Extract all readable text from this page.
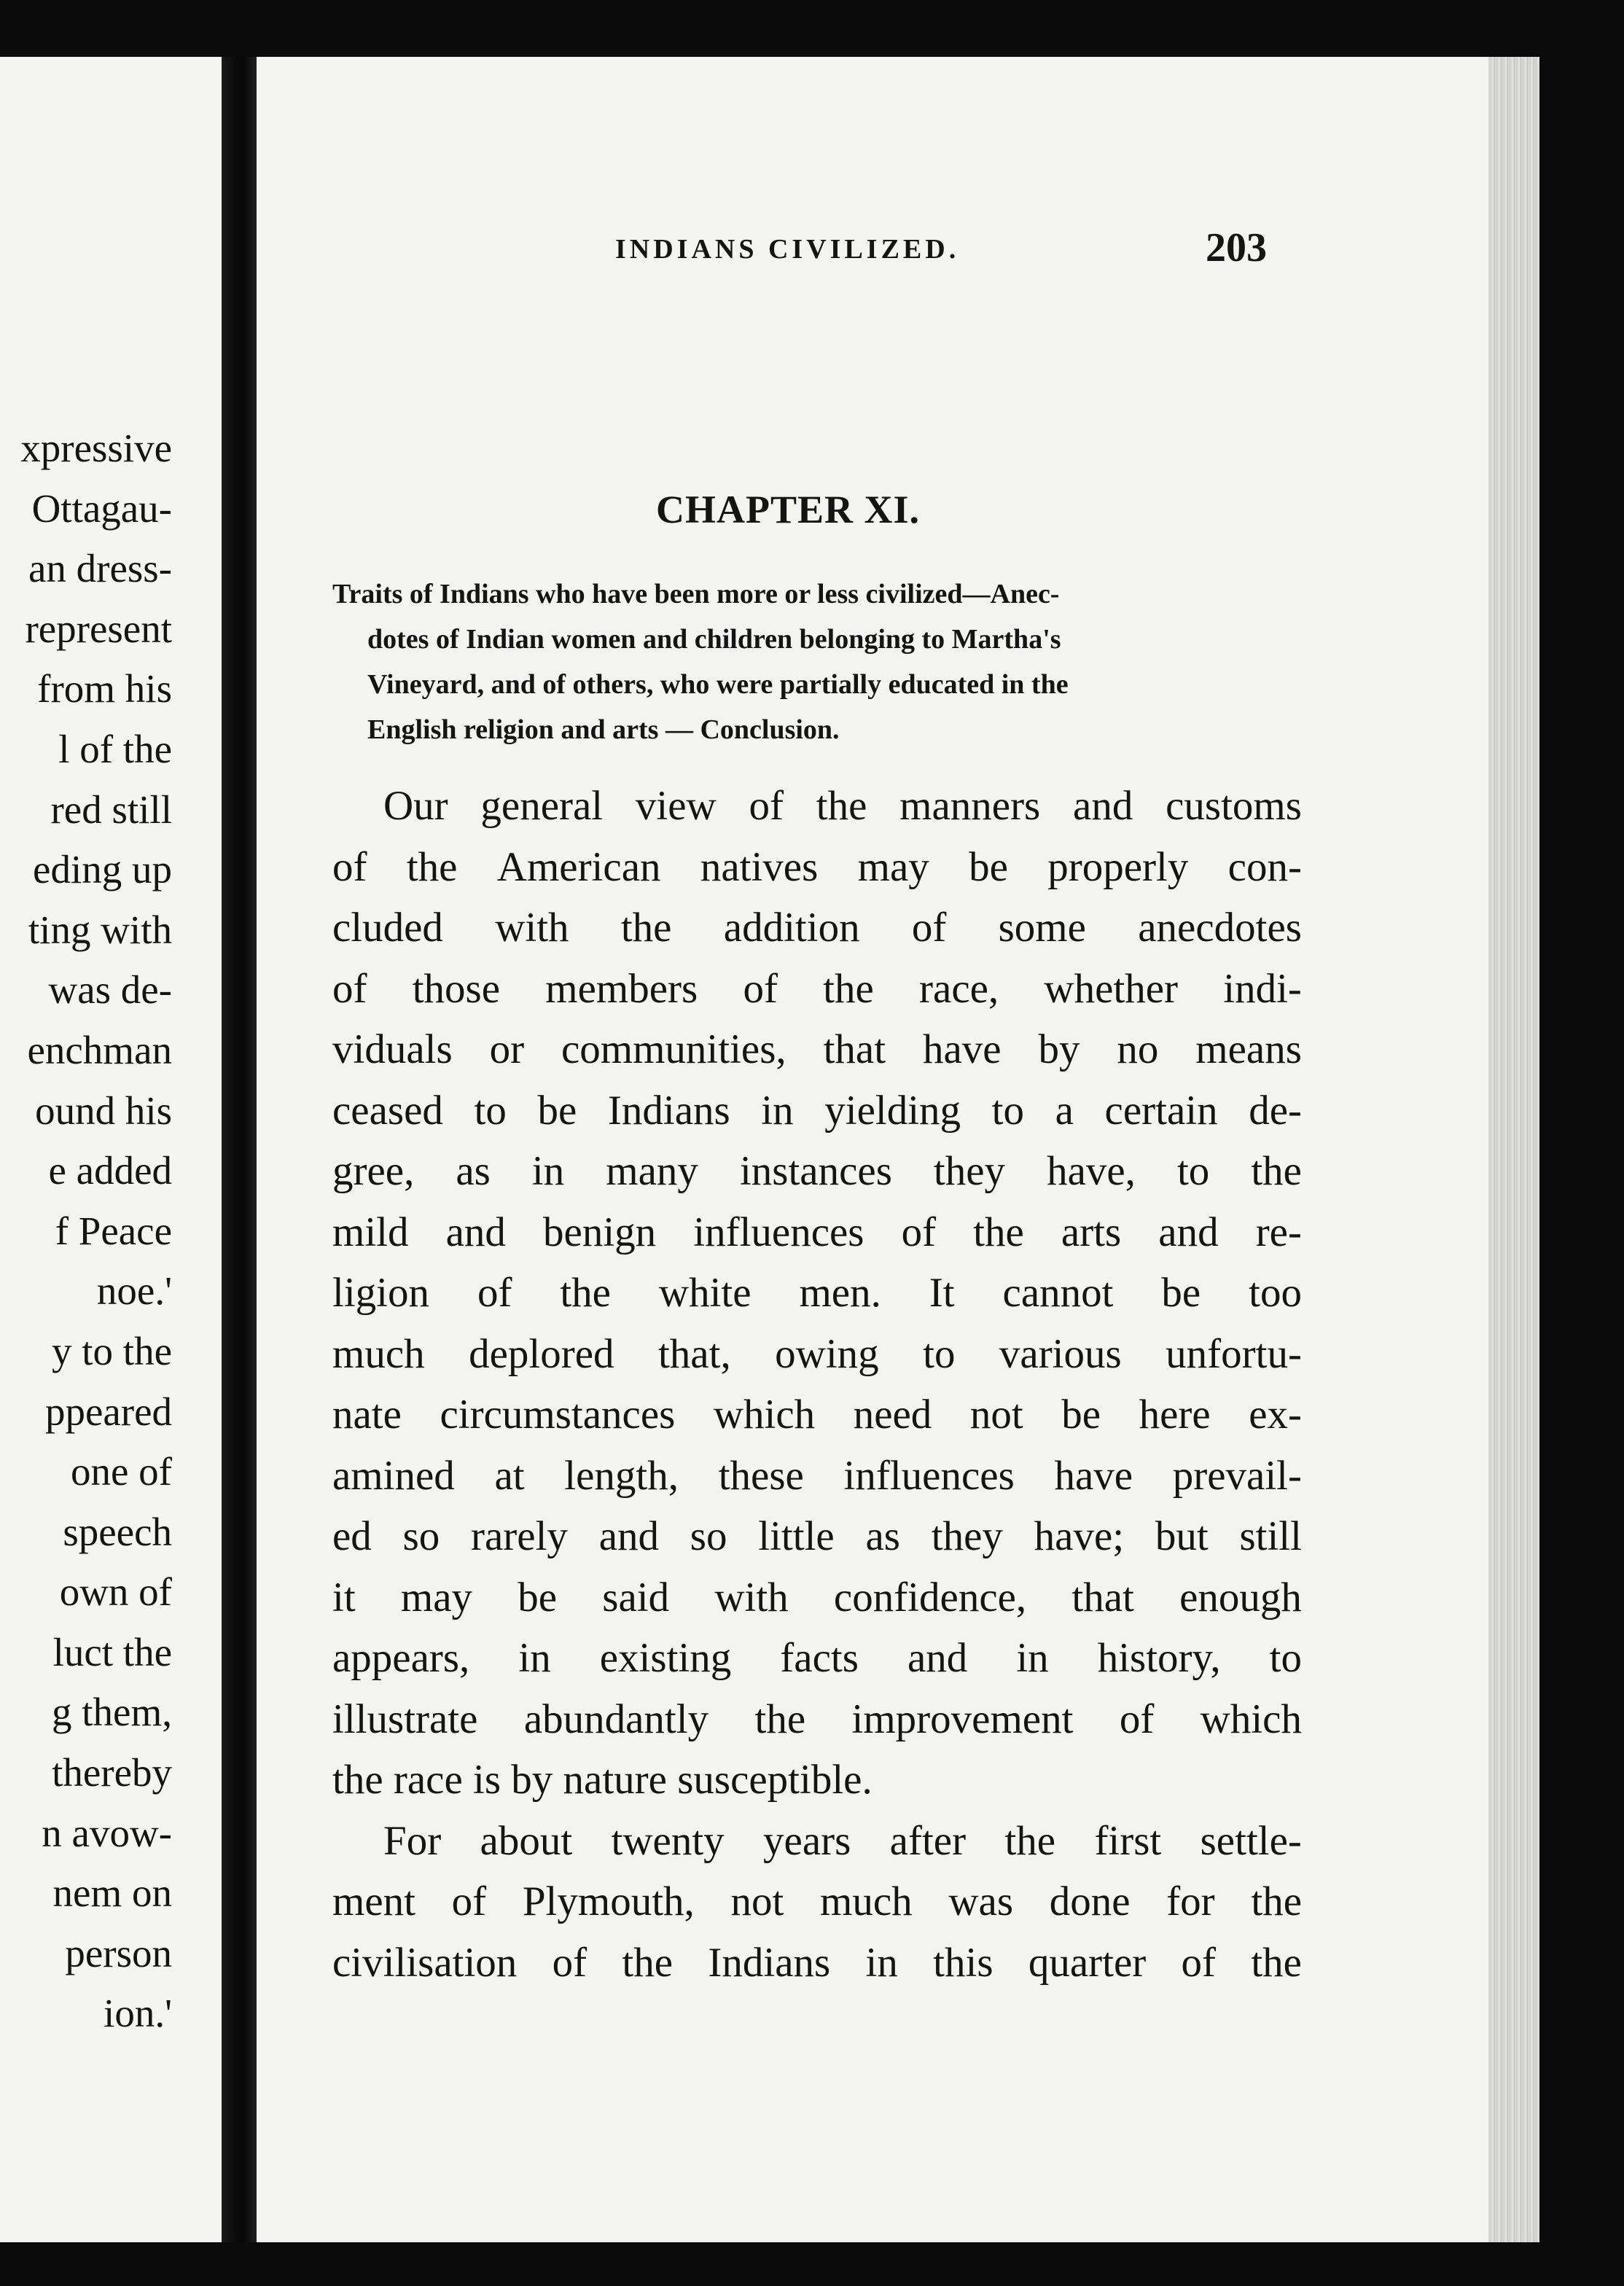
xpressive
Ottagau-
an dress-
represent
from his
l of the
red still
eding up
ting with
was de-
enchman
ound his
e added
f Peace
noe.'
y to the
ppeared
one of
speech
own of
luct the
g them,
thereby
n avow-
nem on
person
ion.'
INDIANS CIVILIZED.	203
CHAPTER XI.
Traits of Indians who have been more or less civilized—Anec-
dotes of Indian women and children belonging to Martha's
Vineyard, and of others, who were partially educated in the
English religion and arts — Conclusion.
Our general view of the manners and customs
of the American natives may be properly con-
cluded with the addition of some anecdotes
of those members of the race, whether indi-
viduals or communities, that have by no means
ceased to be Indians in yielding to a certain de-
gree, as in many instances they have, to the
mild and benign influences of the arts and re-
ligion of the white men. It cannot be too
much deplored that, owing to various unfortu-
nate circumstances which need not be here ex-
amined at length, these influences have prevail-
ed so rarely and so little as they have; but still
it may be said with confidence, that enough
appears, in existing facts and in history, to
illustrate abundantly the improvement of which
the race is by nature susceptible.
For about twenty years after the first settle-
ment of Plymouth, not much was done for the
civilisation of the Indians in this quarter of the
